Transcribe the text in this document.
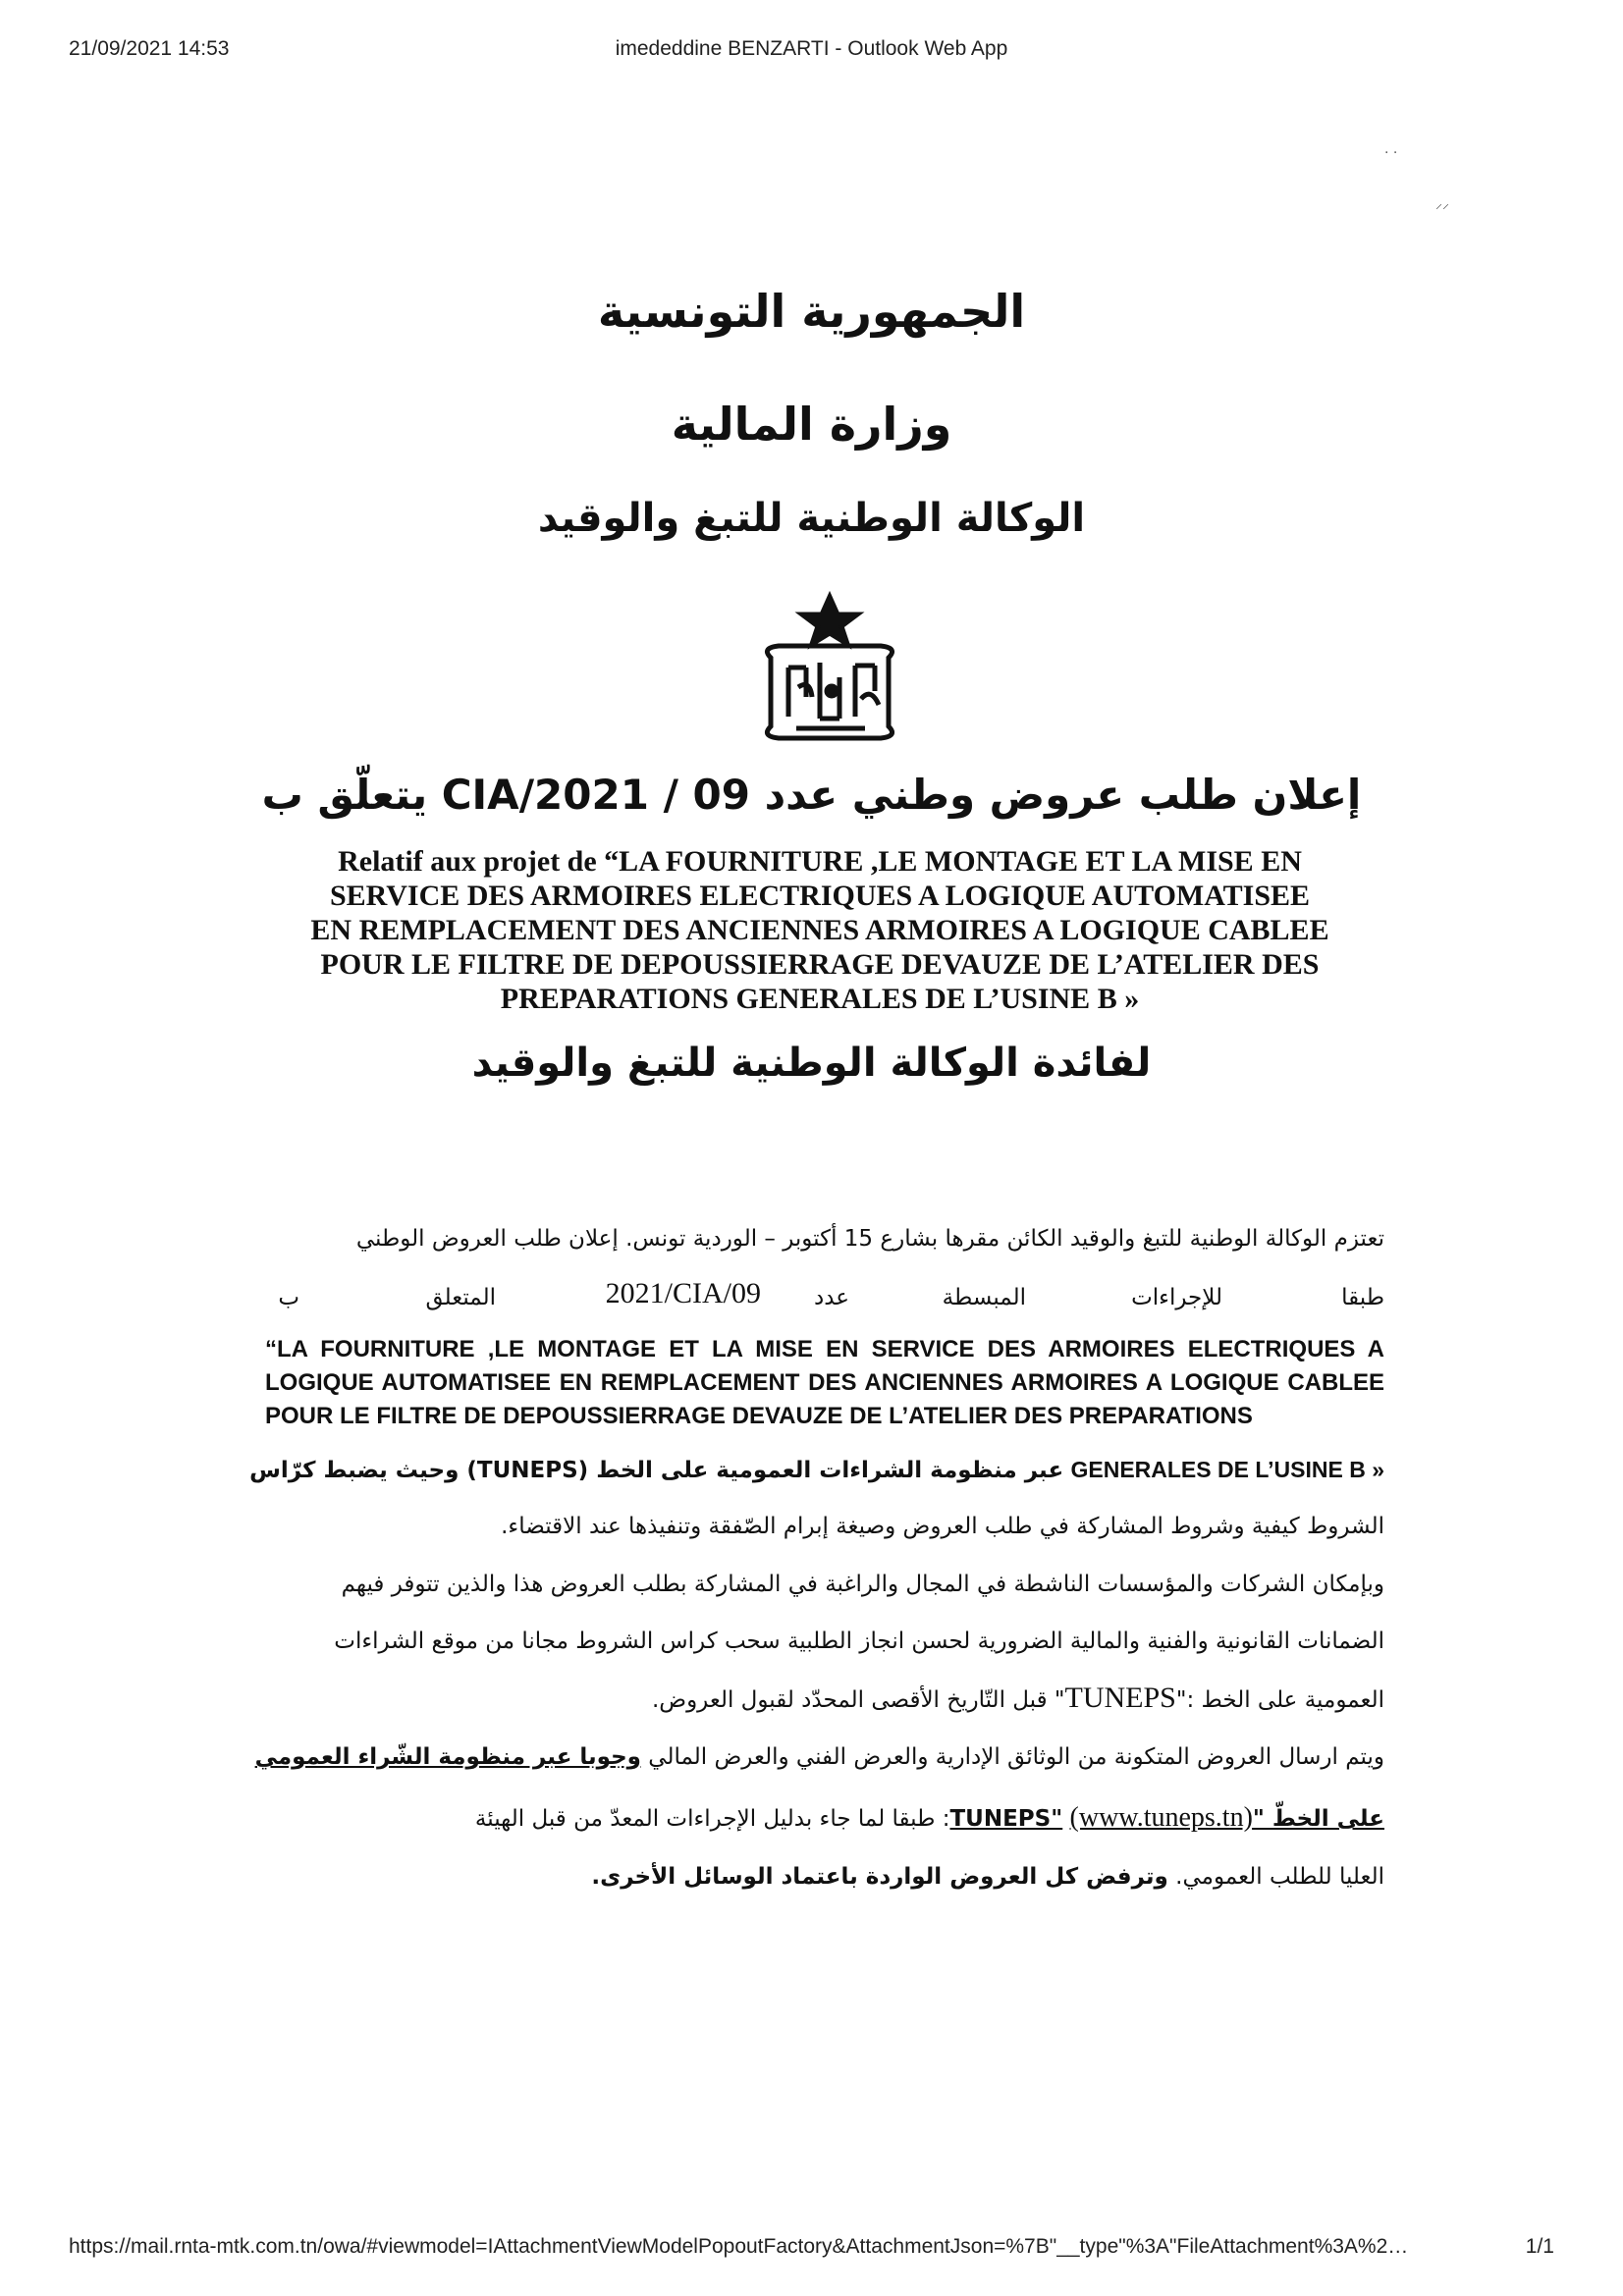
21/09/2021 14:53	imededdine BENZARTI - Outlook Web App
⋅ ⋅
⸝⸝
الجمهورية التونسية
وزارة المالية
الوكالة الوطنية للتبغ والوقيد
إعلان طلب عروض وطني عدد 09 / 2021/CIA يتعلّق ب
Relatif aux projet de “LA FOURNITURE ,LE MONTAGE ET LA MISE EN
SERVICE DES ARMOIRES ELECTRIQUES A LOGIQUE AUTOMATISEE
EN REMPLACEMENT DES ANCIENNES ARMOIRES A LOGIQUE CABLEE
POUR LE FILTRE DE DEPOUSSIERRAGE DEVAUZE DE L’ATELIER DES
PREPARATIONS GENERALES DE L’USINE B »
لفائدة الوكالة الوطنية للتبغ والوقيد
تعتزم الوكالة الوطنية للتبغ والوقيد الكائن مقرها بشارع 15 أكتوبر – الوردية تونس. إعلان طلب العروض الوطني
طبقا
للإجراءات
المبسطة
عدد
2021/CIA/09
المتعلق
ب
“LA FOURNITURE ,LE MONTAGE ET LA MISE EN SERVICE DES ARMOIRES ELECTRIQUES A LOGIQUE AUTOMATISEE EN REMPLACEMENT DES ANCIENNES ARMOIRES A LOGIQUE CABLEE POUR LE FILTRE DE DEPOUSSIERRAGE DEVAUZE DE L’ATELIER DES PREPARATIONS
GENERALES DE L’USINE B » عبر منظومة الشراءات العمومية على الخط (TUNEPS) وحيث يضبط كرّاس
الشروط كيفية وشروط المشاركة في طلب العروض وصيغة إبرام الصّفقة وتنفيذها عند الاقتضاء.
وبإمكان الشركات والمؤسسات الناشطة في المجال والراغبة في المشاركة بطلب العروض هذا والذين تتوفر فيهم
الضمانات القانونية والفنية والمالية الضرورية لحسن انجاز الطلبية سحب كراس الشروط مجانا من موقع الشراءات
العمومية على الخط :"TUNEPS" قبل التّاريخ الأقصى المحدّد لقبول العروض.
ويتم ارسال العروض المتكونة من الوثائق الإدارية والعرض الفني والعرض المالي وجوبا عبر منظومة الشّراء العمومي
على الخطّ "TUNEPS" (www.tuneps.tn): طبقا لما جاء بدليل الإجراءات المعدّ من قبل الهيئة
العليا للطلب العمومي. وترفض كل العروض الواردة باعتماد الوسائل الأخرى.
https://mail.rnta-mtk.com.tn/owa/#viewmodel=IAttachmentViewModelPopoutFactory&AttachmentJson=%7B"__type"%3A"FileAttachment%3A%2…	1/1
